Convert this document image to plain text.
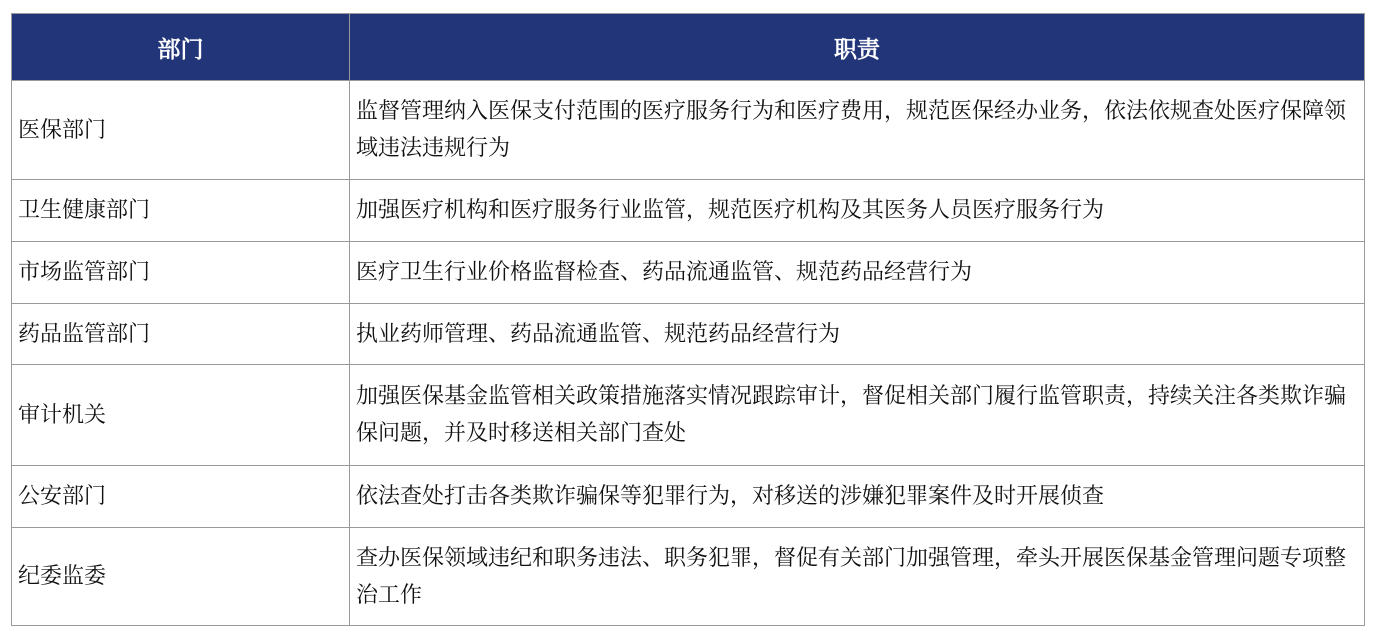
部门	职责
医保部门	监督管理纳入医保支付范围的医疗服务行为和医疗费用，规范医保经办业务，依法依规查处医疗保障领域违法违规行为
卫生健康部门	加强医疗机构和医疗服务行业监管，规范医疗机构及其医务人员医疗服务行为
市场监管部门	医疗卫生行业价格监督检查、药品流通监管、规范药品经营行为
药品监管部门	执业药师管理、药品流通监管、规范药品经营行为
审计机关	加强医保基金监管相关政策措施落实情况跟踪审计，督促相关部门履行监管职责，持续关注各类欺诈骗保问题，并及时移送相关部门查处
公安部门	依法查处打击各类欺诈骗保等犯罪行为，对移送的涉嫌犯罪案件及时开展侦查
纪委监委	查办医保领域违纪和职务违法、职务犯罪，督促有关部门加强管理，牵头开展医保基金管理问题专项整治工作
